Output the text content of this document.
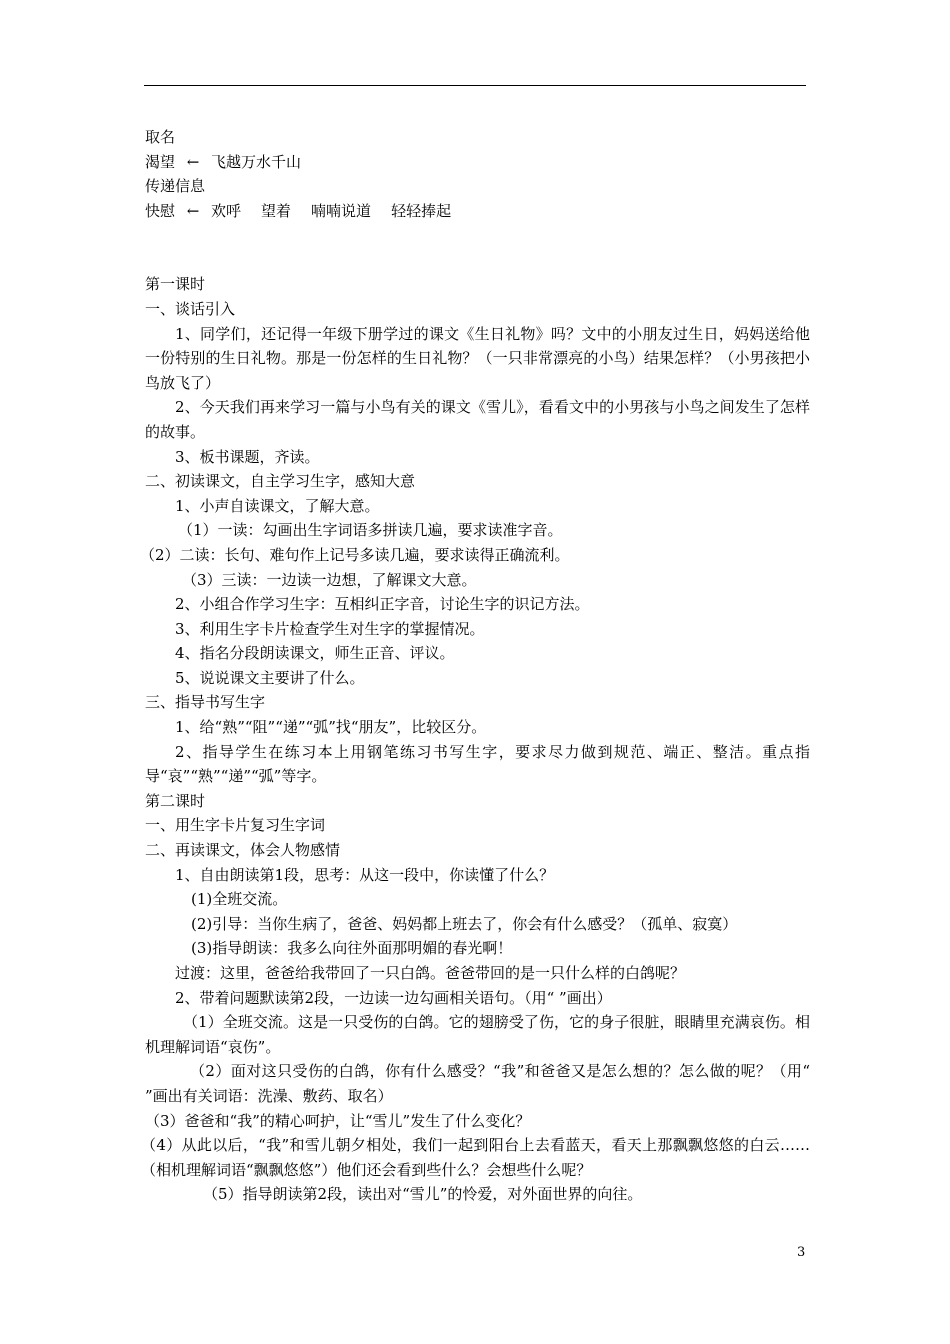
取名
渴望 ← 飞越万水千山
传递信息
快慰 ← 欢呼 望着 喃喃说道 轻轻捧起
第一课时
一、谈话引入
1、同学们，还记得一年级下册学过的课文《生日礼物》吗？文中的小朋友过生日，妈妈送给他一份特别的生日礼物。那是一份怎样的生日礼物？（一只非常漂亮的小鸟）结果怎样？（小男孩把小鸟放飞了）
2、今天我们再来学习一篇与小鸟有关的课文《雪儿》，看看文中的小男孩与小鸟之间发生了怎样的故事。
3、板书课题，齐读。
二、初读课文，自主学习生字，感知大意
1、小声自读课文，了解大意。
（1）一读：勾画出生字词语多拼读几遍，要求读准字音。
（2）二读：长句、难句作上记号多读几遍，要求读得正确流利。
（3）三读：一边读一边想，了解课文大意。
2、小组合作学习生字：互相纠正字音，讨论生字的识记方法。
3、利用生字卡片检查学生对生字的掌握情况。
4、指名分段朗读课文，师生正音、评议。
5、说说课文主要讲了什么。
三、指导书写生字
1、给“熟”“阻”“递”“弧”找“朋友”，比较区分。
2、指导学生在练习本上用钢笔练习书写生字，要求尽力做到规范、端正、整洁。重点指导“哀”“熟”“递”“弧”等字。
第二课时
一、用生字卡片复习生字词
二、再读课文，体会人物感情
1、自由朗读第1段，思考：从这一段中，你读懂了什么？
(1)全班交流。
(2)引导：当你生病了，爸爸、妈妈都上班去了，你会有什么感受？（孤单、寂寞）
(3)指导朗读：我多么向往外面那明媚的春光啊！
过渡：这里，爸爸给我带回了一只白鸽。爸爸带回的是一只什么样的白鸽呢？
2、带着问题默读第2段，一边读一边勾画相关语句。（用“ ”画出）
（1）全班交流。这是一只受伤的白鸽。它的翅膀受了伤，它的身子很脏，眼睛里充满哀伤。相机理解词语“哀伤”。
（2）面对这只受伤的白鸽，你有什么感受？“我”和爸爸又是怎么想的？怎么做的呢？（用“ ”画出有关词语：洗澡、敷药、取名）
（3）爸爸和“我”的精心呵护，让“雪儿”发生了什么变化？
（4）从此以后，“我”和雪儿朝夕相处，我们一起到阳台上去看蓝天，看天上那飘飘悠悠的白云……（相机理解词语“飘飘悠悠”）他们还会看到些什么？会想些什么呢？
（5）指导朗读第2段，读出对“雪儿”的怜爱，对外面世界的向往。
3
